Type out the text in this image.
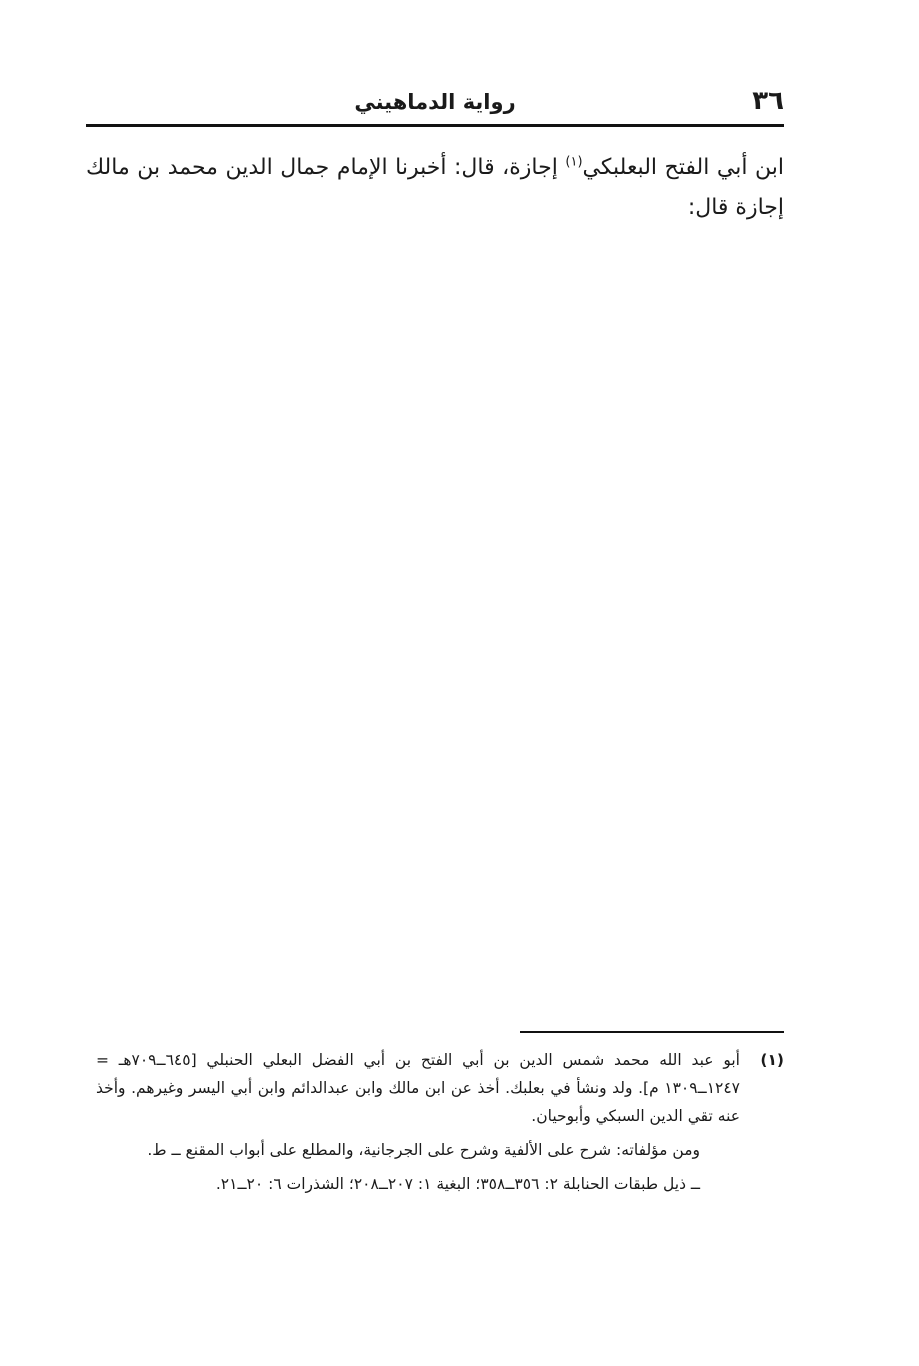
٣٦
رواية الدماهيني

ابن أبي الفتح البعلبكي$^{(١)}$ إجازة، قال: أخبرنا الإمام جمال الدين محمد بن مالك إجازة قال:

(١)

أبو عبد الله محمد شمس الدين بن أبي الفتح بن أبي الفضل البعلي الحنبلي [٦٤٥ــ٧٠٩هـ = ١٢٤٧ــ١٣٠٩ م]. ولد ونشأ في بعلبك. أخذ عن ابن مالك وابن عبدالدائم وابن أبي اليسر وغيرهم. وأخذ عنه تقي الدين السبكي وأبوحيان.

ومن مؤلفاته: شرح على الألفية وشرح على الجرجانية، والمطلع على أبواب المقنع ــ ط.

ــ ذيل طبقات الحنابلة ٢: ٣٥٦ــ٣٥٨؛ البغية ١: ٢٠٧ــ٢٠٨؛ الشذرات ٦: ٢٠ــ٢١.
